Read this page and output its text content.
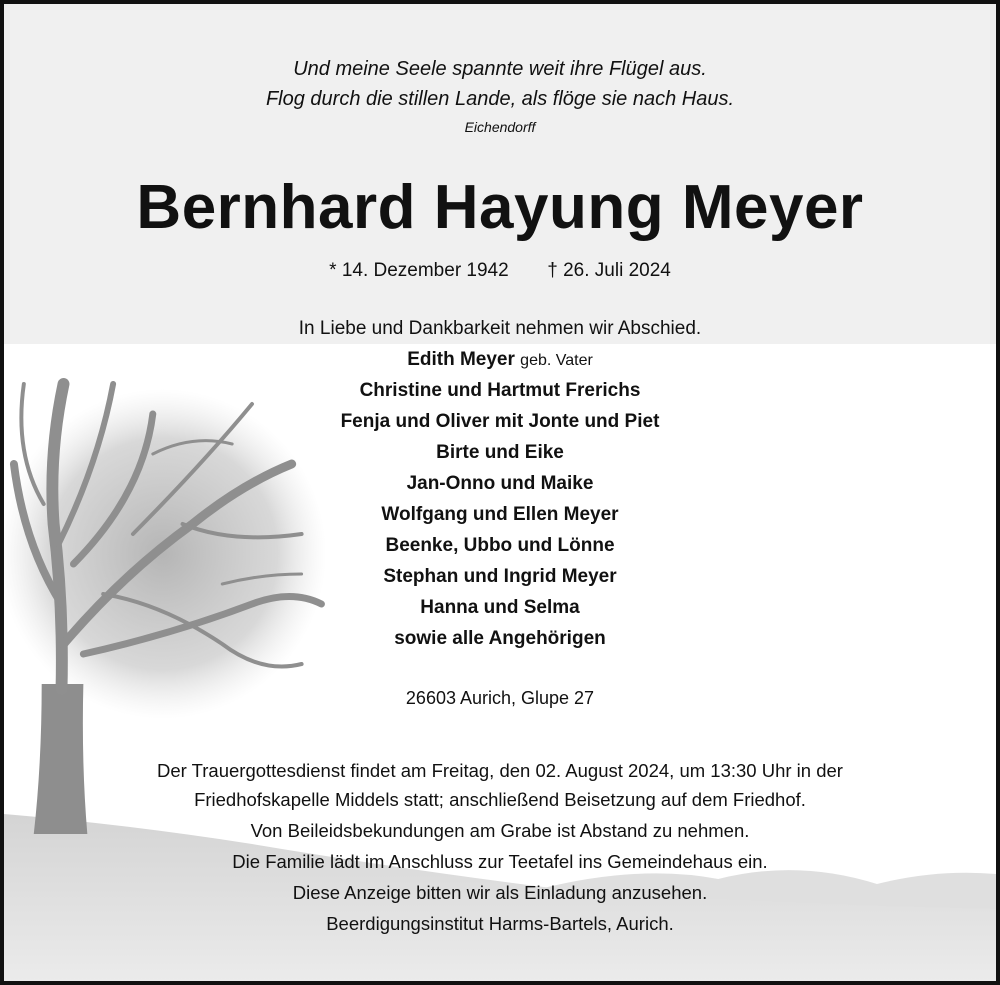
Und meine Seele spannte weit ihre Flügel aus.
Flog durch die stillen Lande, als flöge sie nach Haus.
Eichendorff
Bernhard Hayung Meyer
* 14. Dezember 1942 † 26. Juli 2024
In Liebe und Dankbarkeit nehmen wir Abschied.
Edith Meyer geb. Vater
Christine und Hartmut Frerichs
Fenja und Oliver mit Jonte und Piet
Birte und Eike
Jan-Onno und Maike
Wolfgang und Ellen Meyer
Beenke, Ubbo und Lönne
Stephan und Ingrid Meyer
Hanna und Selma
sowie alle Angehörigen
26603 Aurich, Glupe 27
Der Trauergottesdienst findet am Freitag, den 02. August 2024, um 13:30 Uhr in der
Friedhofskapelle Middels statt; anschließend Beisetzung auf dem Friedhof.
Von Beileidsbekundungen am Grabe ist Abstand zu nehmen.
Die Familie lädt im Anschluss zur Teetafel ins Gemeindehaus ein.
Diese Anzeige bitten wir als Einladung anzusehen.
Beerdigungsinstitut Harms-Bartels, Aurich.
